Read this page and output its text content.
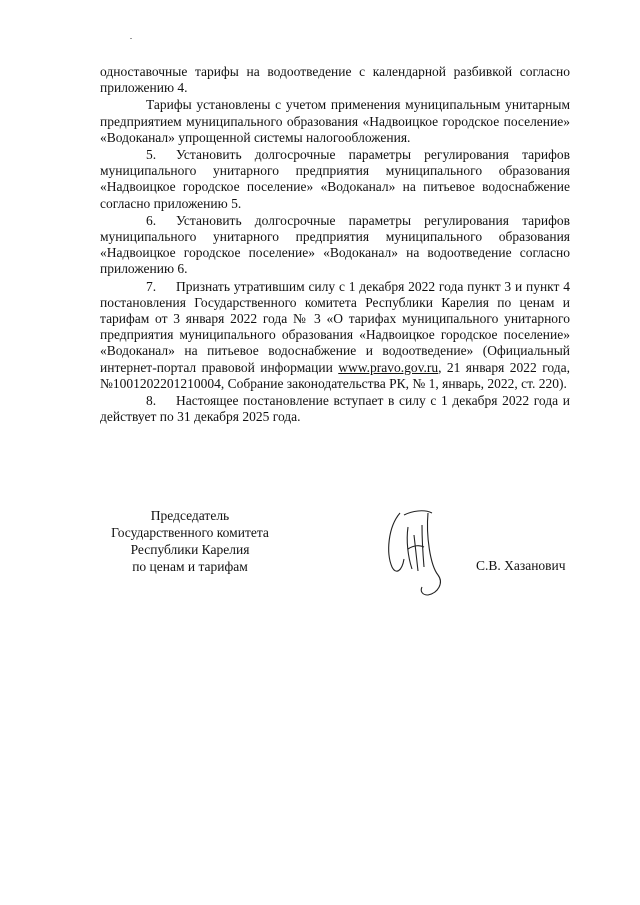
одноставочные тарифы на водоотведение с календарной разбивкой согласно приложению 4.

Тарифы установлены с учетом применения муниципальным унитарным предприятием муниципального образования «Надвоицкое городское поселение» «Водоканал» упрощенной системы налогообложения.

5. Установить долгосрочные параметры регулирования тарифов муниципального унитарного предприятия муниципального образования «Надвоицкое городское поселение» «Водоканал» на питьевое водоснабжение согласно приложению 5.

6. Установить долгосрочные параметры регулирования тарифов муниципального унитарного предприятия муниципального образования «Надвоицкое городское поселение» «Водоканал» на водоотведение согласно приложению 6.

7. Признать утратившим силу с 1 декабря 2022 года пункт 3 и пункт 4 постановления Государственного комитета Республики Карелия по ценам и тарифам от 3 января 2022 года № 3 «О тарифах муниципального унитарного предприятия муниципального образования «Надвоицкое городское поселение» «Водоканал» на питьевое водоснабжение и водоотведение» (Официальный интернет-портал правовой информации www.pravo.gov.ru, 21 января 2022 года, №1001202201210004, Собрание законодательства РК, № 1, январь, 2022, ст. 220).

8. Настоящее постановление вступает в силу с 1 декабря 2022 года и действует по 31 декабря 2025 года.

Председатель
Государственного комитета
Республики Карелия
по ценам и тарифам	С.В. Хазанович
